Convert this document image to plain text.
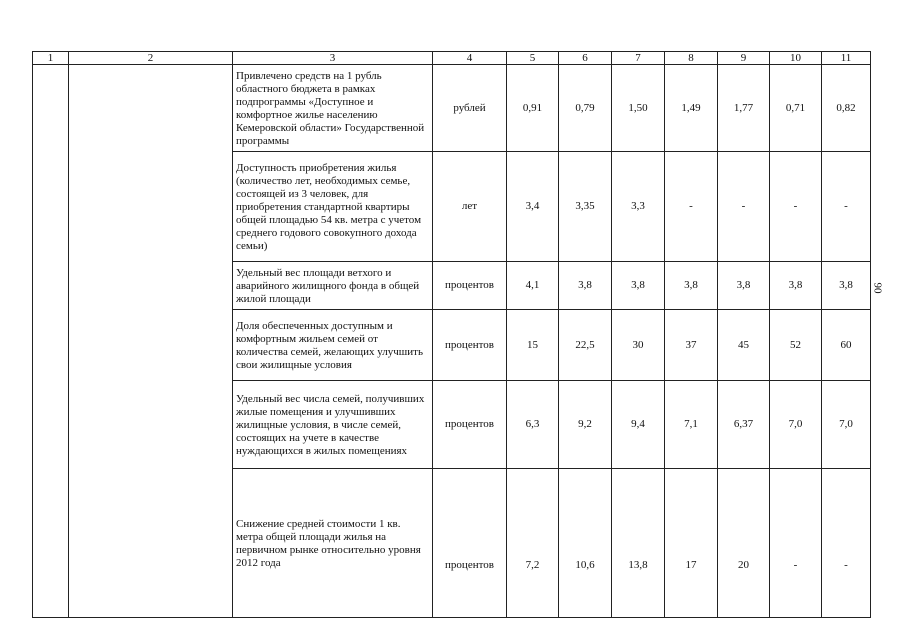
1	2	3	4	5	6	7	8	9	10	11
		Привлечено средств на 1 рубль областного бюджета в рамках подпрограммы «Доступное и комфортное жилье населению Кемеровской области» Государственной программы	рублей	0,91	0,79	1,50	1,49	1,77	0,71	0,82
		Доступность приобретения жилья (количество лет, необходимых семье, состоящей из 3 человек, для приобретения стандартной квартиры общей площадью 54 кв. метра с учетом среднего годового совокупного дохода семьи)	лет	3,4	3,35	3,3	-	-	-	-
		Удельный вес площади ветхого и аварийного жилищного фонда в общей жилой площади	процентов	4,1	3,8	3,8	3,8	3,8	3,8	3,8
		Доля обеспеченных доступным и комфортным жильем семей от количества семей, желающих улучшить свои жилищные условия	процентов	15	22,5	30	37	45	52	60
		Удельный вес числа семей, получивших жилые помещения и улучшивших жилищные условия, в числе семей, состоящих на учете в качестве нуждающихся в жилых помещениях	процентов	6,3	9,2	9,4	7,1	6,37	7,0	7,0
		Снижение средней стоимости 1 кв. метра общей площади жилья на первичном рынке относительно уровня 2012 года	процентов	7,2	10,6	13,8	17	20	-	-
90
